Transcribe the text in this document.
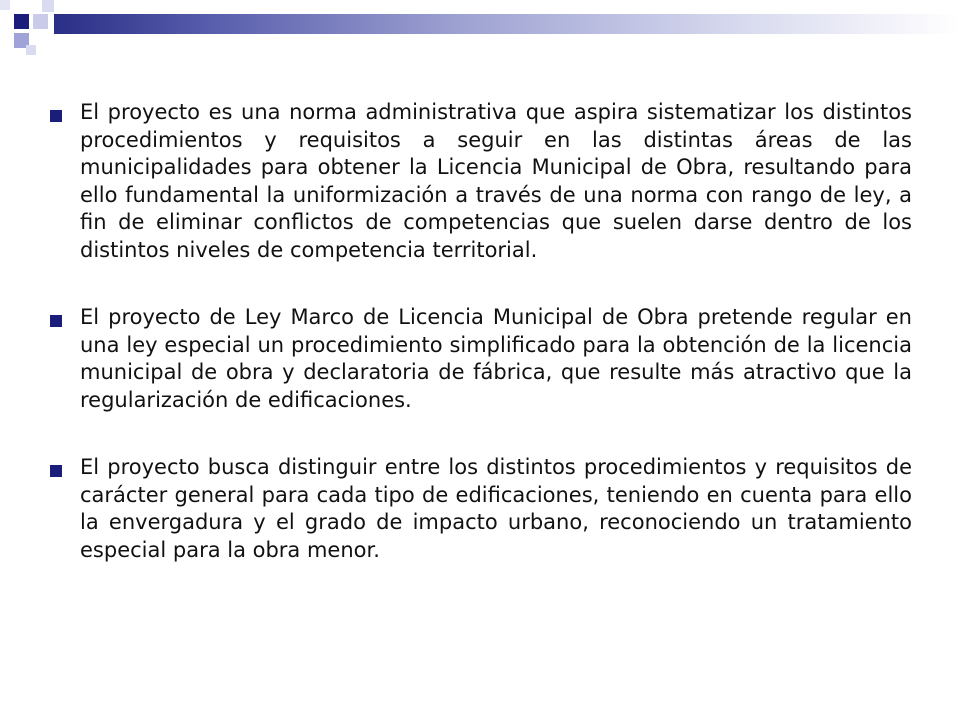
El proyecto es una norma administrativa que aspira sistematizar los distintos procedimientos y requisitos a seguir en las distintas áreas de las municipalidades para obtener la Licencia Municipal de Obra, resultando para ello fundamental la uniformización a través de una norma con rango de ley, a fin de eliminar conflictos de competencias que suelen darse dentro de los distintos niveles de competencia territorial.
El proyecto de Ley Marco de Licencia Municipal de Obra pretende regular en una ley especial un procedimiento simplificado para la obtención de la licencia municipal de obra y declaratoria de fábrica, que resulte más atractivo que la regularización de edificaciones.
El proyecto busca distinguir entre los distintos procedimientos y requisitos de carácter general para cada tipo de edificaciones, teniendo en cuenta para ello la envergadura y el grado de impacto urbano, reconociendo un tratamiento especial para la obra menor.
